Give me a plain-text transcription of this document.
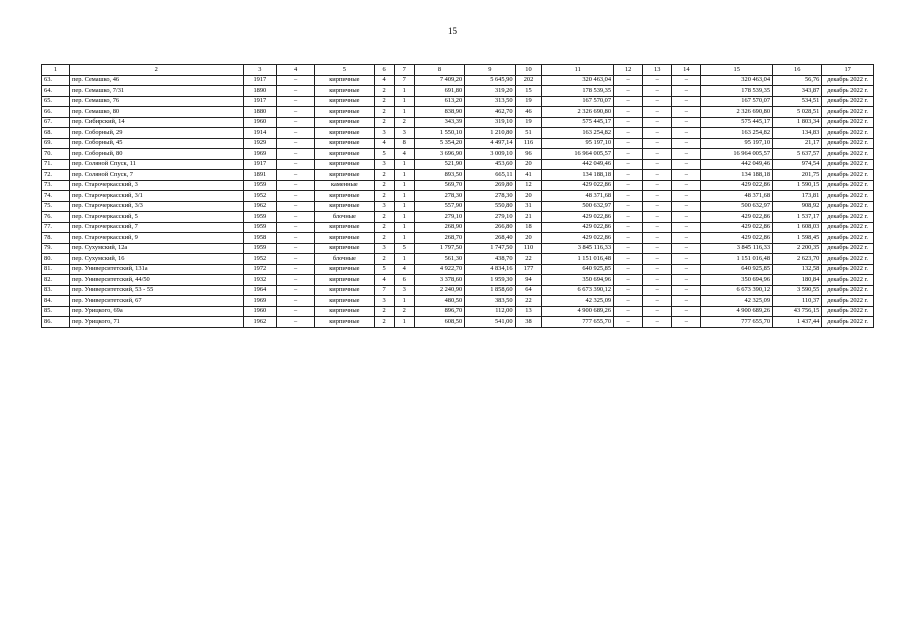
15
1	2	3	4	5	6	7	8	9	10	11	12	13	14	15	16	17
63.	пер. Семашко, 46	1917	–	кирпичные	4	7	7 409,20	5 645,90	202	320 463,04	–	–	–	320 463,04	56,76	декабрь 2022 г.
64.	пер. Семашко, 7/31	1890	–	кирпичные	2	1	691,80	319,20	15	178 539,35	–	–	–	178 539,35	343,87	декабрь 2022 г.
65.	пер. Семашко, 76	1917	–	кирпичные	2	1	613,20	313,50	19	167 570,07	–	–	–	167 570,07	534,51	декабрь 2022 г.
66.	пер. Семашко, 80	1880	–	кирпичные	2	1	838,90	462,70	46	2 326 690,80	–	–	–	2 326 690,80	5 028,51	декабрь 2022 г.
67.	пер. Сибирский, 14	1960	–	кирпичные	2	2	343,39	319,10	19	575 445,17	–	–	–	575 445,17	1 803,34	декабрь 2022 г.
68.	пер. Соборный, 29	1914	–	кирпичные	3	3	1 550,10	1 210,80	51	163 254,82	–	–	–	163 254,82	134,83	декабрь 2022 г.
69.	пер. Соборный, 45	1929	–	кирпичные	4	8	5 354,20	4 497,14	116	95 197,10	–	–	–	95 197,10	21,17	декабрь 2022 г.
70.	пер. Соборный, 80	1969	–	кирпичные	5	4	3 696,90	3 009,10	96	16 964 005,57	–	–	–	16 964 005,57	5 637,57	декабрь 2022 г.
71.	пер. Соляной Спуск, 11	1917	–	кирпичные	3	1	521,90	453,60	20	442 049,46	–	–	–	442 049,46	974,54	декабрь 2022 г.
72.	пер. Соляной Спуск, 7	1891	–	кирпичные	2	1	893,50	665,11	41	134 188,18	–	–	–	134 188,18	201,75	декабрь 2022 г.
73.	пер. Старочеркасский, 3	1959	–	каменные	2	1	569,70	269,80	12	429 022,86	–	–	–	429 022,86	1 590,15	декабрь 2022 г.
74.	пер. Старочеркасский, 3/1	1952	–	кирпичные	2	1	278,30	278,30	20	48 371,68	–	–	–	48 371,68	173,81	декабрь 2022 г.
75.	пер. Старочеркасский, 3/3	1962	–	кирпичные	3	1	557,90	550,80	31	500 632,97	–	–	–	500 632,97	908,92	декабрь 2022 г.
76.	пер. Старочеркасский, 5	1959	–	блочные	2	1	279,10	279,10	21	429 022,86	–	–	–	429 022,86	1 537,17	декабрь 2022 г.
77.	пер. Старочеркасский, 7	1959	–	кирпичные	2	1	268,90	266,80	18	429 022,86	–	–	–	429 022,86	1 608,03	декабрь 2022 г.
78.	пер. Старочеркасский, 9	1958	–	кирпичные	2	1	268,70	268,40	20	429 022,86	–	–	–	429 022,86	1 598,45	декабрь 2022 г.
79.	пер. Сухумский, 12а	1959	–	кирпичные	3	5	1 797,50	1 747,50	110	3 845 116,33	–	–	–	3 845 116,33	2 200,35	декабрь 2022 г.
80.	пер. Сухумский, 16	1952	–	блочные	2	1	561,30	438,70	22	1 151 016,48	–	–	–	1 151 016,48	2 623,70	декабрь 2022 г.
81.	пер. Университетский, 131а	1972	–	кирпичные	5	4	4 922,70	4 834,16	177	640 925,85	–	–	–	640 925,85	132,58	декабрь 2022 г.
82.	пер. Университетский, 44/50	1932	–	кирпичные	4	6	3 378,60	1 959,30	94	350 694,96	–	–	–	350 694,96	180,84	декабрь 2022 г.
83.	пер. Университетский, 53 - 55	1964	–	кирпичные	7	3	2 240,90	1 858,60	64	6 673 390,12	–	–	–	6 673 390,12	3 590,55	декабрь 2022 г.
84.	пер. Университетский, 67	1969	–	кирпичные	3	1	480,50	383,50	22	42 325,09	–	–	–	42 325,09	110,37	декабрь 2022 г.
85.	пер. Урицкого, 69а	1960	–	кирпичные	2	2	896,70	112,00	13	4 900 689,26	–	–	–	4 900 689,26	43 756,15	декабрь 2022 г.
86.	пер. Урицкого, 71	1962	–	кирпичные	2	1	608,50	541,00	38	777 655,70	–	–	–	777 655,70	1 437,44	декабрь 2022 г.
